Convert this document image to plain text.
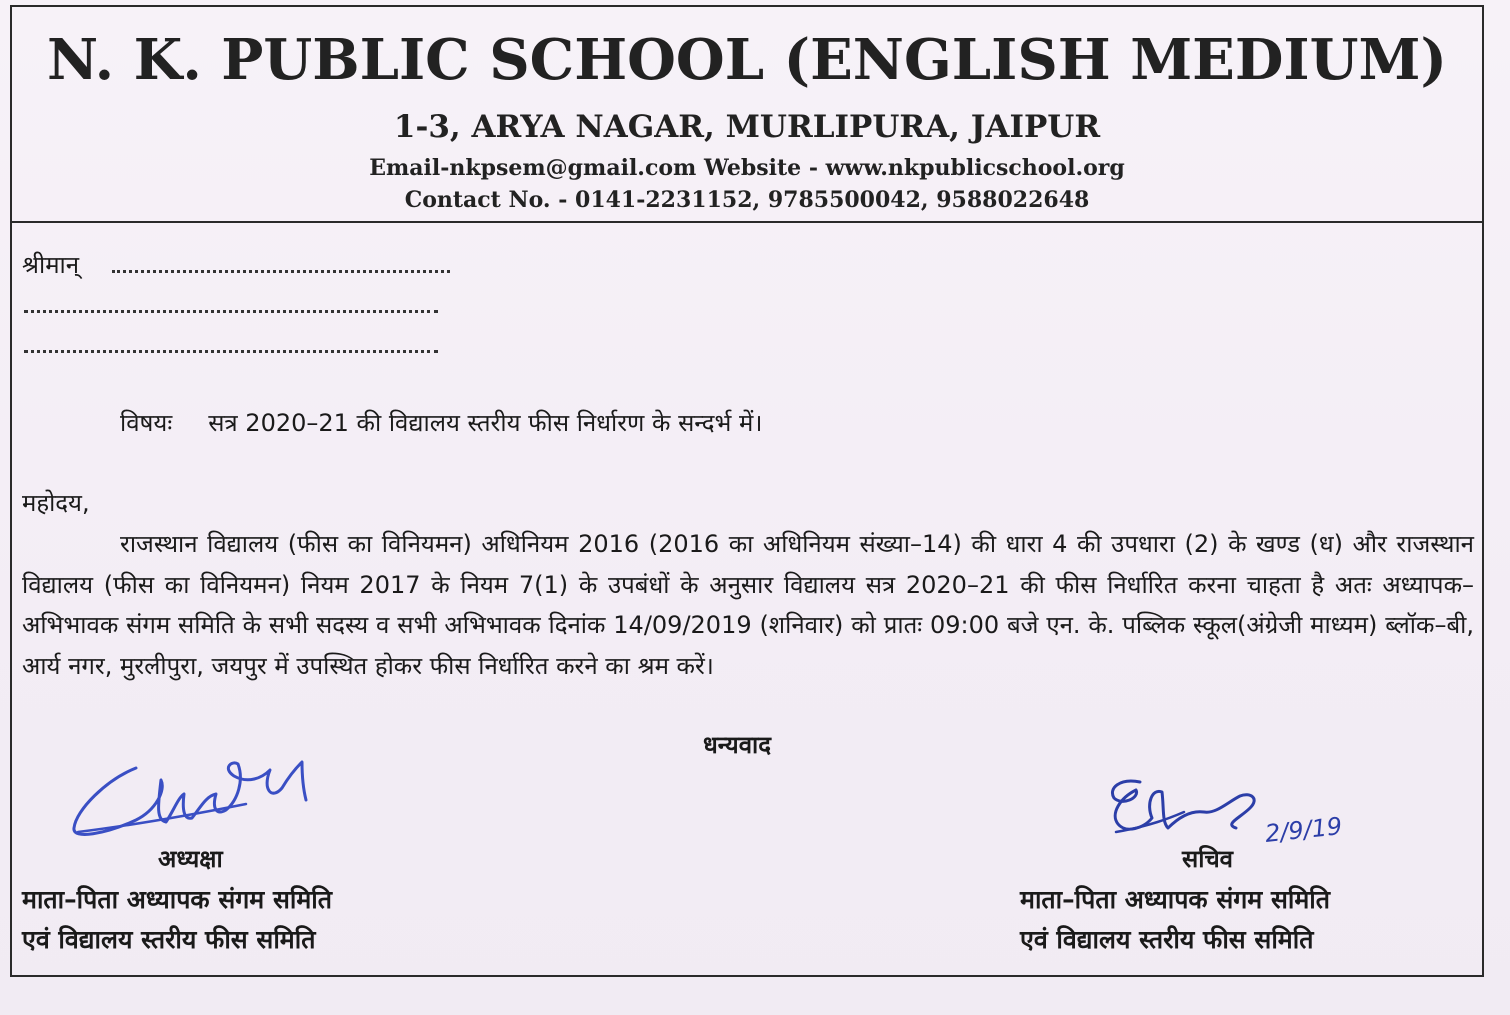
N. K. PUBLIC SCHOOL (ENGLISH MEDIUM)
1-3, ARYA NAGAR, MURLIPURA, JAIPUR
Email-nkpsem@gmail.com Website - www.nkpublicschool.org
Contact No. - 0141-2231152, 9785500042, 9588022648
श्रीमान्
विषयः सत्र 2020–21 की विद्यालय स्तरीय फीस निर्धारण के सन्दर्भ में।
महोदय,
राजस्थान विद्यालय (फीस का विनियमन) अधिनियम 2016 (2016 का अधिनियम संख्या–14) की धारा 4 की उपधारा (2) के खण्ड (ध) और राजस्थान विद्यालय (फीस का विनियमन) नियम 2017 के नियम 7(1) के उपबंधों के अनुसार विद्यालय सत्र 2020–21 की फीस निर्धारित करना चाहता है अतः अध्यापक–अभिभावक संगम समिति के सभी सदस्य व सभी अभिभावक दिनांक 14/09/2019 (शनिवार) को प्रातः 09:00 बजे एन. के. पब्लिक स्कूल(अंग्रेजी माध्यम) ब्लॉक–बी, आर्य नगर, मुरलीपुरा, जयपुर में उपस्थित होकर फीस निर्धारित करने का श्रम करें।
धन्यवाद
2/9/19
अध्यक्षा	सचिव
माता–पिता अध्यापक संगम समिति
एवं विद्यालय स्तरीय फीस समिति
माता–पिता अध्यापक संगम समिति
एवं विद्यालय स्तरीय फीस समिति
